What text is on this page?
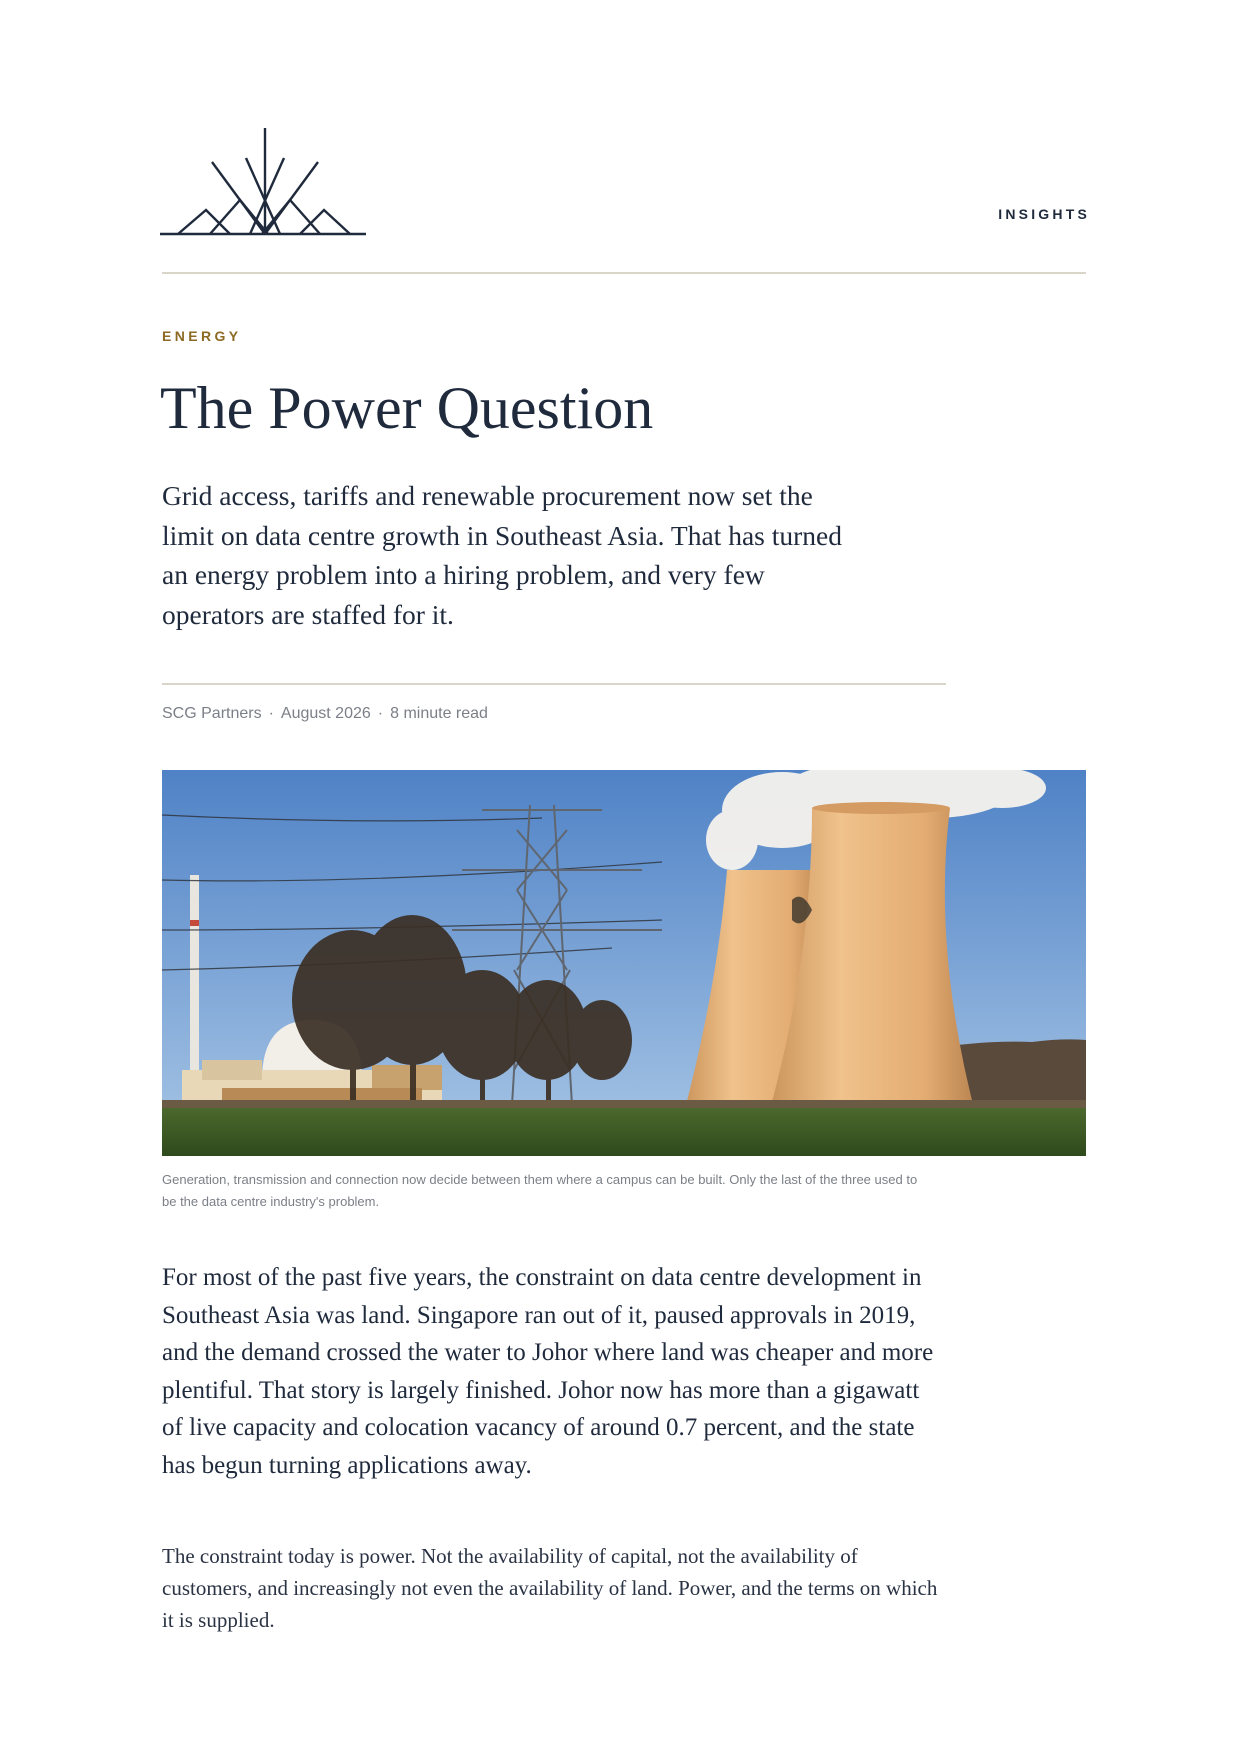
INSIGHTS
ENERGY
The Power Question

Grid access, tariffs and renewable procurement now set the limit on data centre growth in Southeast Asia. That has turned an energy problem into a hiring problem, and very few operators are staffed for it.

SCG Partners · August 2026 · 8 minute read

Generation, transmission and connection now decide between them where a campus can be built. Only the last of the three used to be the data centre industry's problem.

For most of the past five years, the constraint on data centre development in Southeast Asia was land. Singapore ran out of it, paused approvals in 2019, and the demand crossed the water to Johor where land was cheaper and more plentiful. That story is largely finished. Johor now has more than a gigawatt of live capacity and colocation vacancy of around 0.7 percent, and the state has begun turning applications away.

The constraint today is power. Not the availability of capital, not the availability of customers, and increasingly not even the availability of land. Power, and the terms on which it is supplied.
